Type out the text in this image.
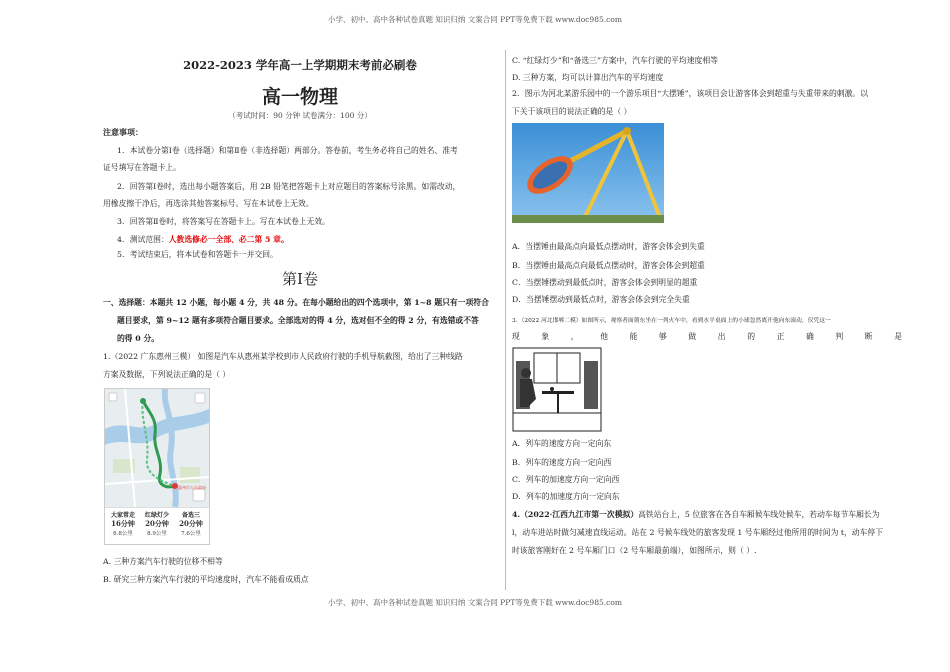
小学、初中、高中各种试卷真题 知识归纳 文案合同 PPT等免费下载 www.doc985.com
2022-2023 学年高一上学期期末考前必刷卷
高一物理
（考试时间：90 分钟 试卷满分：100 分）
注意事项：
1．本试卷分第Ⅰ卷（选择题）和第Ⅱ卷（非选择题）两部分。答卷前，考生务必将自己的姓名、准考
证号填写在答题卡上。
2．回答第Ⅰ卷时，选出每小题答案后，用 2B 铅笔把答题卡上对应题目的答案标号涂黑。如需改动，
用橡皮擦干净后，再选涂其他答案标号。写在本试卷上无效。
3．回答第Ⅱ卷时，将答案写在答题卡上。写在本试卷上无效。
4．测试范围：人教选修必一全部、必二第 5 章。
5．考试结束后，将本试卷和答题卡一并交回。
第Ⅰ卷
一、选择题：本题共 12 小题，每小题 4 分，共 48 分。在每小题给出的四个选项中，第 1~8 题只有一项符合
题目要求，第 9~12 题有多项符合题目要求。全部选对的得 4 分，选对但不全的得 2 分，有选错或不答
的得 0 分。
1.（2022 广东惠州三模） 如图是汽车从惠州某学校到市人民政府行驶的手机导航截图，给出了三种线路
方案及数据，下列说法正确的是（ ）
惠州市人民政府
大家常走
16分钟
6.8公里
红绿灯少
20分钟
8.9公里
备选三
20分钟
7.6公里
A. 三种方案汽车行驶的位移不相等
B. 研究三种方案汽车行驶的平均速度时，汽车不能看成质点
C. “红绿灯少”和“备选三”方案中，汽车行驶的平均速度相等
D. 三种方案，均可以计算出汽车的平均速度
2．图示为河北某游乐园中的一个游乐项目“大摆锤”，该项目会让游客体会到超重与失重带来的刺激。以
下关于该项目的说法正确的是（ ）
A．当摆锤由最高点向最低点摆动时，游客会体会到失重
B．当摆锤由最高点向最低点摆动时，游客会体会到超重
C．当摆锤摆动到最低点时，游客会体会到明显的超重
D．当摆锤摆动到最低点时，游客会体会到完全失重
3．（2022 河北邯郸二模）如图所示，观察者面朝东坐在一列火车中，看到水平桌面上的小球忽然离开他向东滚动，仅凭这一
现 象 ， 他 能 够 做 出 的 正 确 判 断 是
A．列车的速度方向一定向东
B．列车的速度方向一定向西
C．列车的加速度方向一定向西
D．列车的加速度方向一定向东
4.（2022·江西九江市第一次模拟）高铁站台上，5 位旅客在各自车厢候车线处候车，若动车每节车厢长为
l，动车进站时做匀减速直线运动。站在 2 号候车线处的旅客发现 1 号车厢经过他所用的时间为 t，动车停下
时该旅客刚好在 2 号车厢门口（2 号车厢最前端），如图所示，则（ ）.
小学、初中、高中各种试卷真题 知识归纳 文案合同 PPT等免费下载 www.doc985.com
